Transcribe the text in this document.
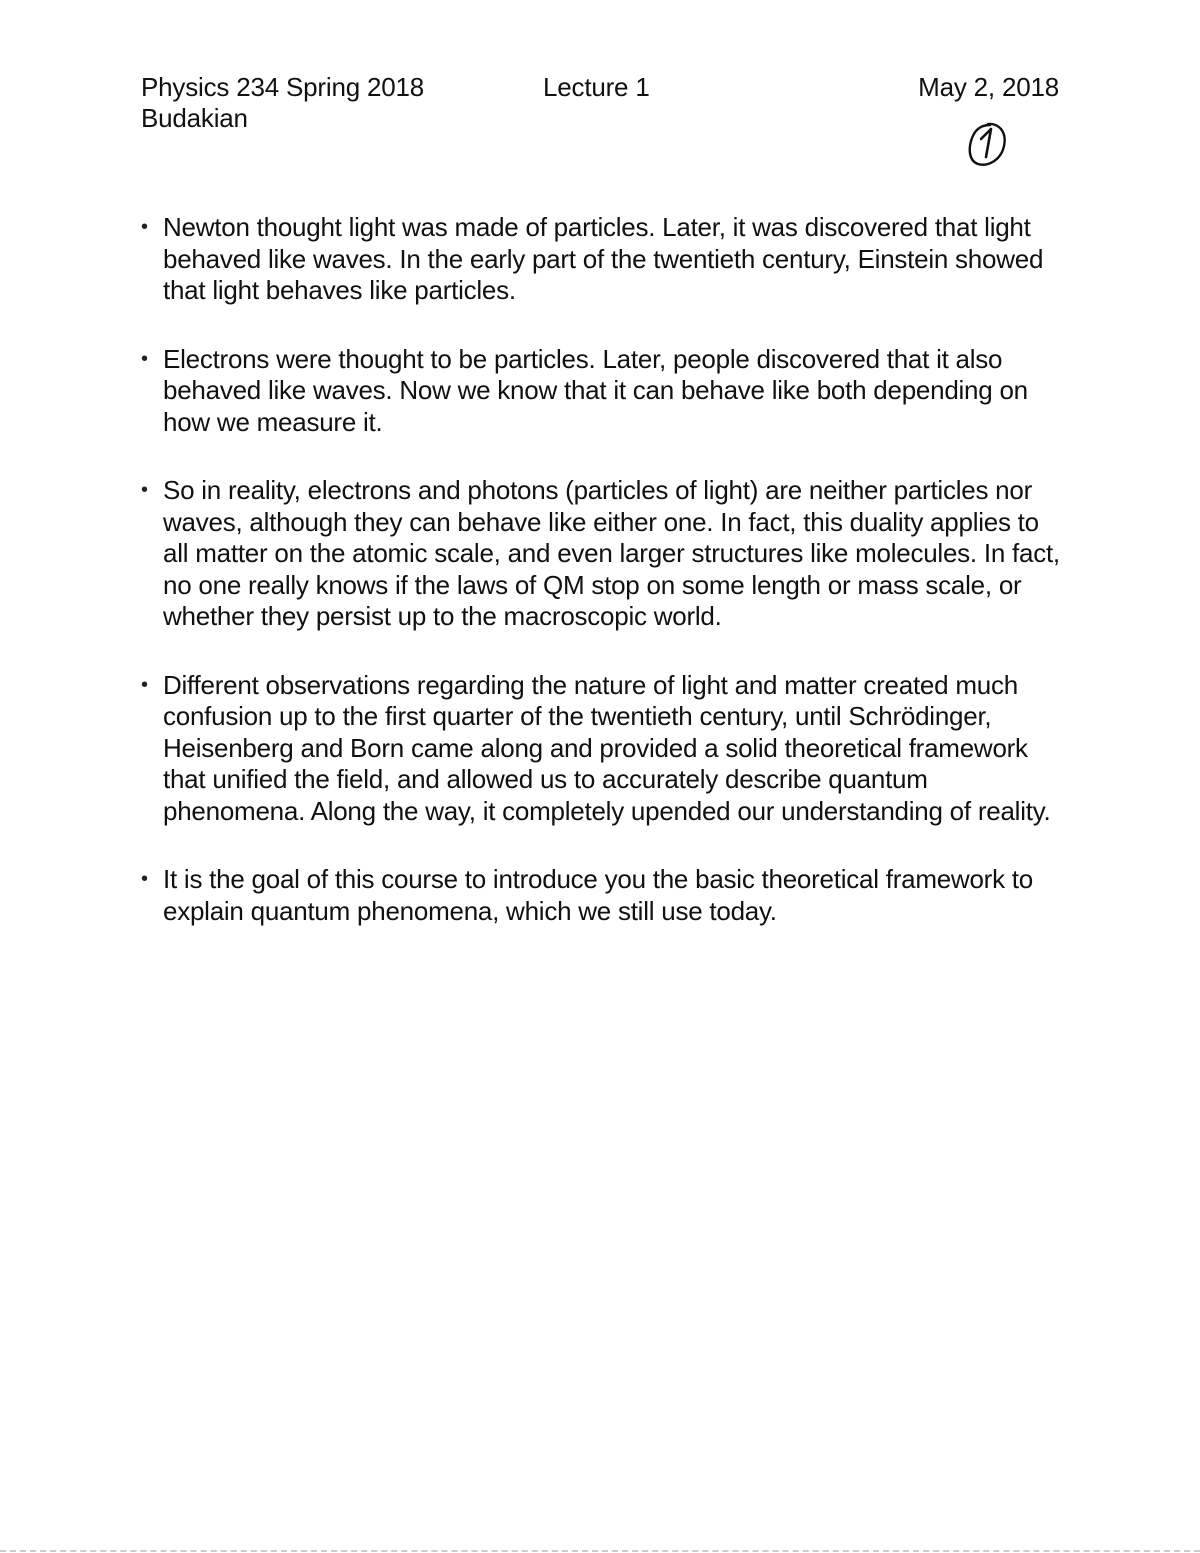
Physics 234 Spring 2018	Lecture 1	May 2, 2018
Budakian
• Newton thought light was made of particles. Later, it was discovered that light behaved like waves. In the early part of the twentieth century, Einstein showed that light behaves like particles.
• Electrons were thought to be particles. Later, people discovered that it also behaved like waves. Now we know that it can behave like both depending on how we measure it.
• So in reality, electrons and photons (particles of light) are neither particles nor waves, although they can behave like either one. In fact, this duality applies to all matter on the atomic scale, and even larger structures like molecules. In fact, no one really knows if the laws of QM stop on some length or mass scale, or whether they persist up to the macroscopic world.
• Different observations regarding the nature of light and matter created much confusion up to the first quarter of the twentieth century, until Schrödinger, Heisenberg and Born came along and provided a solid theoretical framework that unified the field, and allowed us to accurately describe quantum phenomena. Along the way, it completely upended our understanding of reality.
• It is the goal of this course to introduce you the basic theoretical framework to explain quantum phenomena, which we still use today.
